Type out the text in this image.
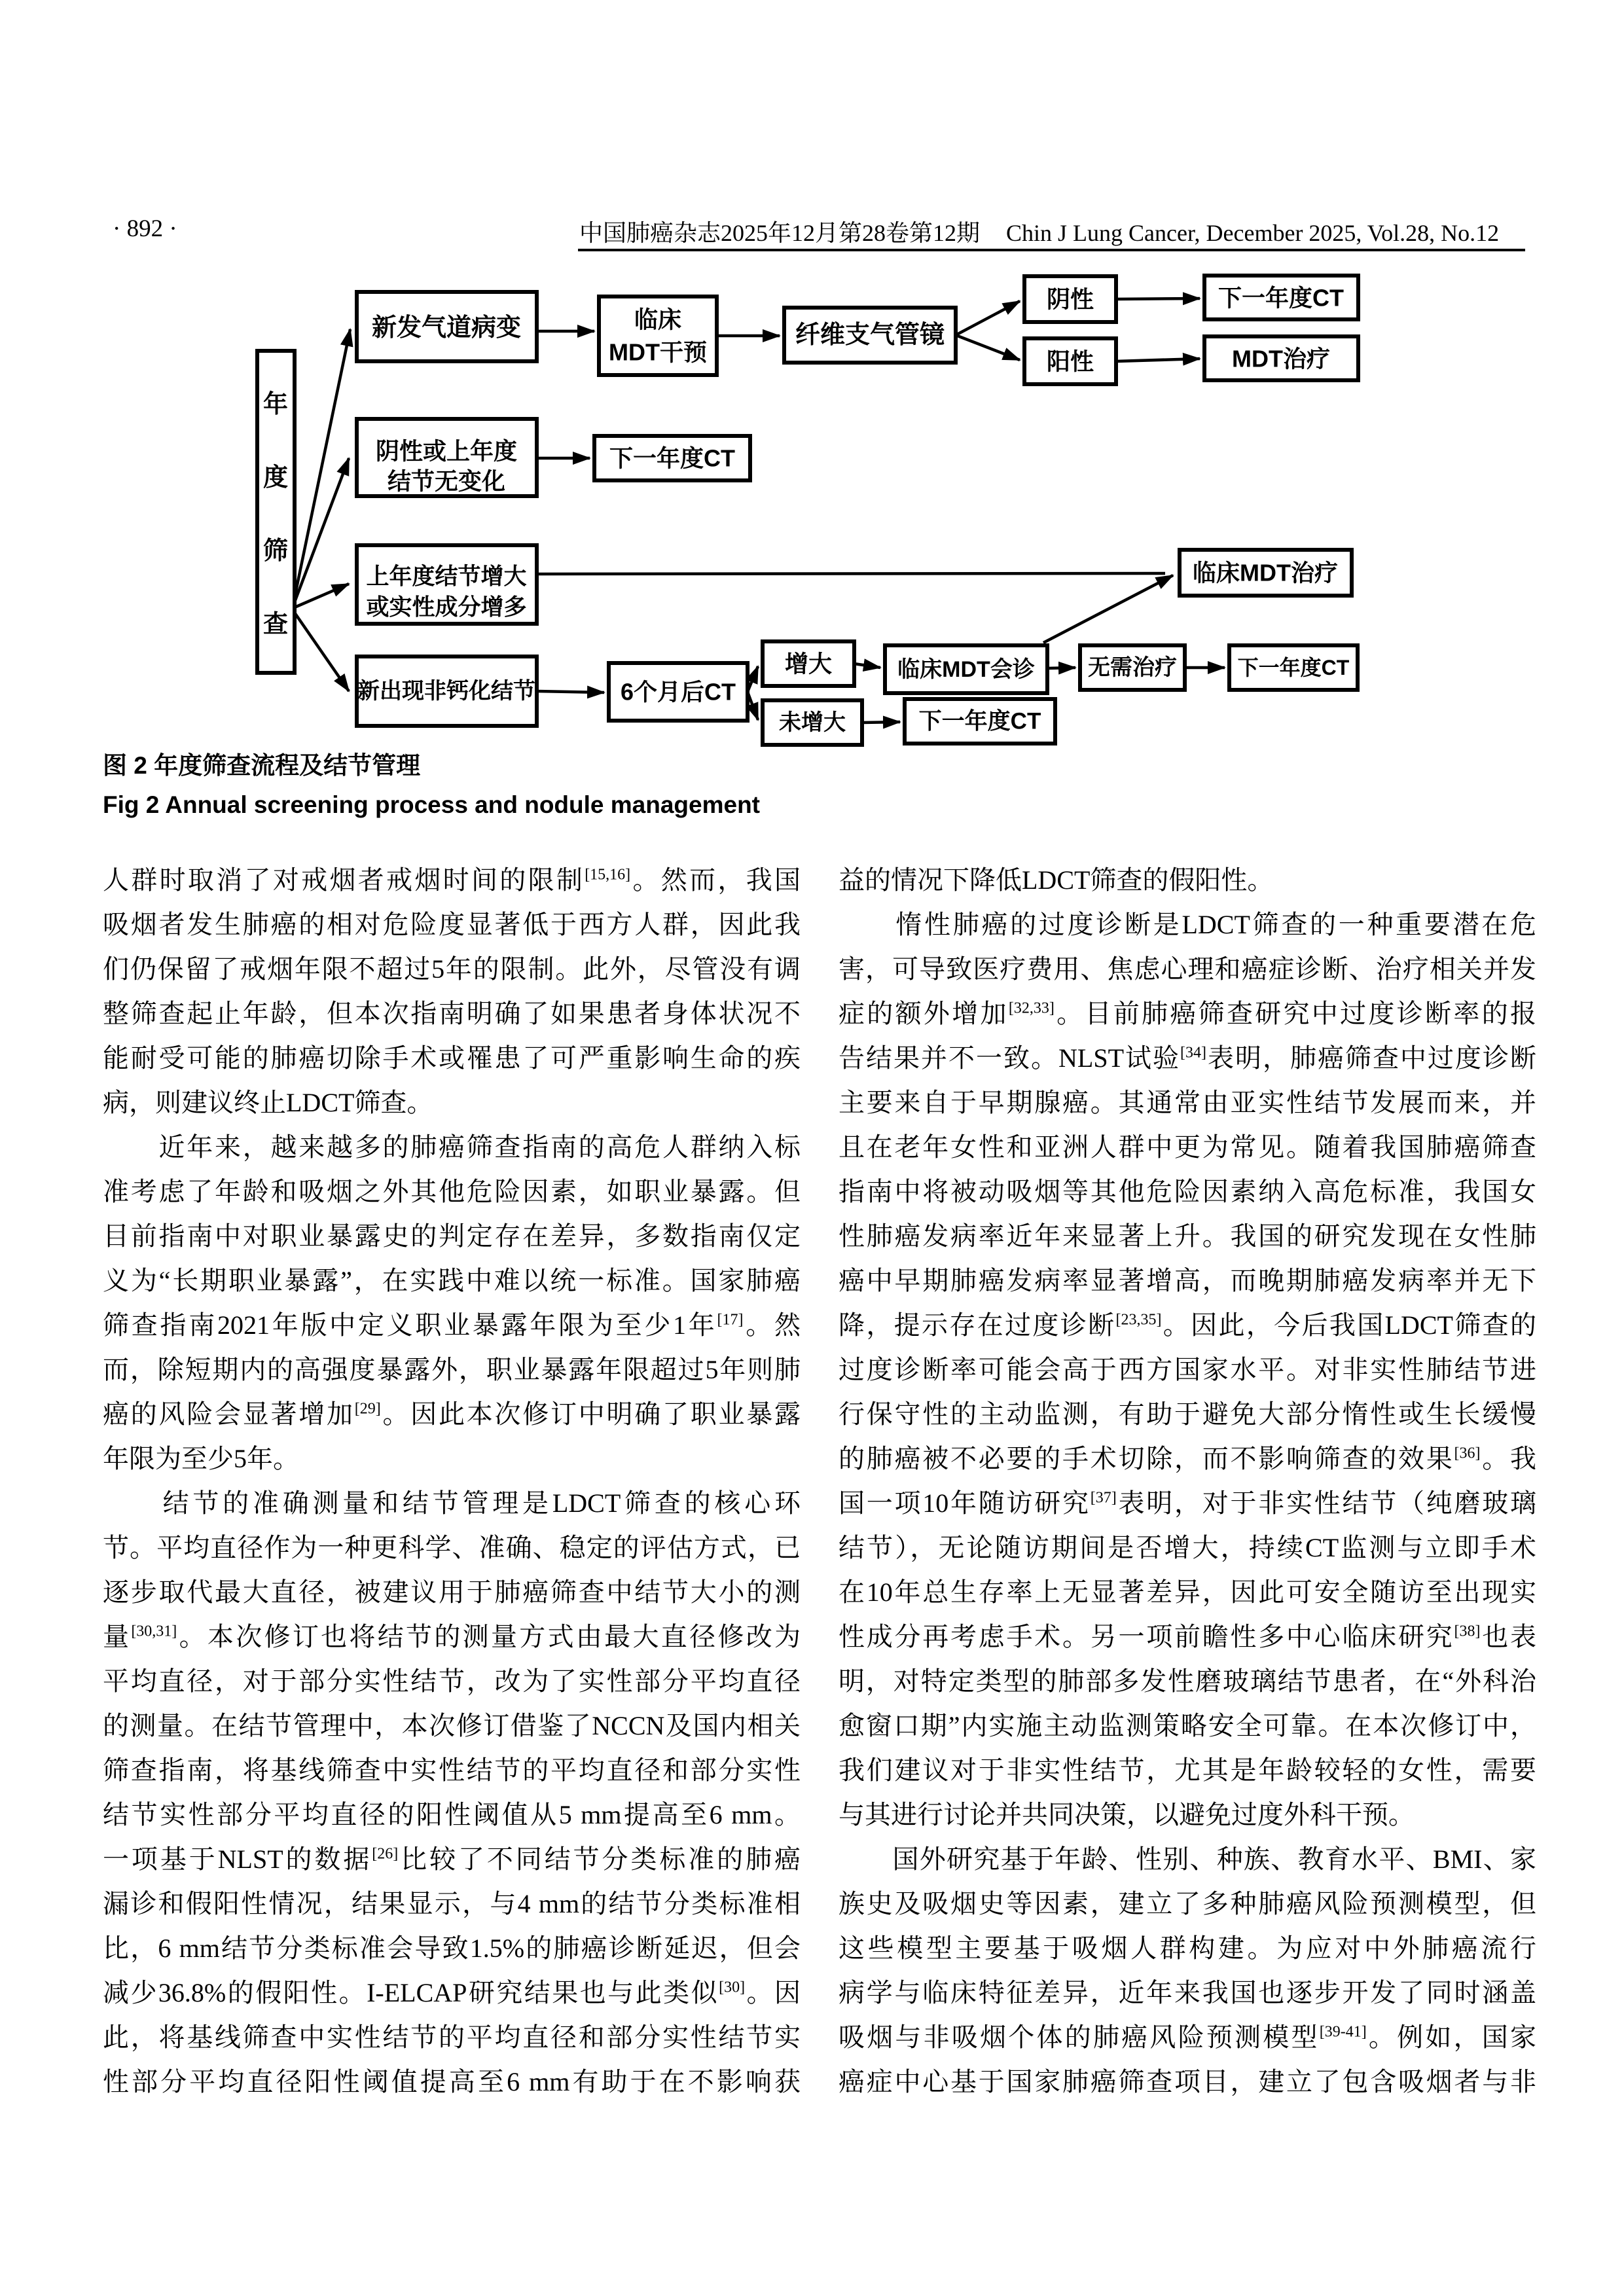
· 892 ·	中国肺癌杂志2025年12月第28卷第12期 Chin J Lung Cancer, December 2025, Vol.28, No.12
年
度
筛
查
新发气道病变	临床
MDT干预
纤维支气管镜
阴性	下一年度CT
阳性	MDT治疗
阴性或上年度
结节无变化
下一年度CT
上年度结节增大
或实性成分增多
临床MDT治疗
新出现非钙化结节	6个月后CT
增大	临床MDT会诊 无需治疗	下一年度CT
未增大	下一年度CT
图 2 年度筛查流程及结节管理
Fig 2 Annual screening process and nodule management
人群时取消了对戒烟者戒烟时间的限制[15,16]。然而，我国
吸烟者发生肺癌的相对危险度显著低于西方人群，因此我
们仍保留了戒烟年限不超过5年的限制。此外，尽管没有调
整筛查起止年龄，但本次指南明确了如果患者身体状况不
能耐受可能的肺癌切除手术或罹患了可严重影响生命的疾
病，则建议终止LDCT筛查。
　　近年来，越来越多的肺癌筛查指南的高危人群纳入标
准考虑了年龄和吸烟之外其他危险因素，如职业暴露。但
目前指南中对职业暴露史的判定存在差异，多数指南仅定
义为“长期职业暴露”，在实践中难以统一标准。国家肺癌
筛查指南2021年版中定义职业暴露年限为至少1年[17]。然
而，除短期内的高强度暴露外，职业暴露年限超过5年则肺
癌的风险会显著增加[29]。因此本次修订中明确了职业暴露
年限为至少5年。
　　结节的准确测量和结节管理是LDCT筛查的核心环
节。平均直径作为一种更科学、准确、稳定的评估方式，已
逐步取代最大直径，被建议用于肺癌筛查中结节大小的测
量[30,31]。本次修订也将结节的测量方式由最大直径修改为
平均直径，对于部分实性结节，改为了实性部分平均直径
的测量。在结节管理中，本次修订借鉴了NCCN及国内相关
筛查指南，将基线筛查中实性结节的平均直径和部分实性
结节实性部分平均直径的阳性阈值从5 mm提高至6 mm。
一项基于NLST的数据[26]比较了不同结节分类标准的肺癌
漏诊和假阳性情况，结果显示，与4 mm的结节分类标准相
比，6 mm结节分类标准会导致1.5%的肺癌诊断延迟，但会
减少36.8%的假阳性。I-ELCAP研究结果也与此类似[30]。因
此，将基线筛查中实性结节的平均直径和部分实性结节实
性部分平均直径阳性阈值提高至6 mm有助于在不影响获
益的情况下降低LDCT筛查的假阳性。
　　惰性肺癌的过度诊断是LDCT筛查的一种重要潜在危
害，可导致医疗费用、焦虑心理和癌症诊断、治疗相关并发
症的额外增加[32,33]。目前肺癌筛查研究中过度诊断率的报
告结果并不一致。NLST试验[34]表明，肺癌筛查中过度诊断
主要来自于早期腺癌。其通常由亚实性结节发展而来，并
且在老年女性和亚洲人群中更为常见。随着我国肺癌筛查
指南中将被动吸烟等其他危险因素纳入高危标准，我国女
性肺癌发病率近年来显著上升。我国的研究发现在女性肺
癌中早期肺癌发病率显著增高，而晚期肺癌发病率并无下
降，提示存在过度诊断[23,35]。因此，今后我国LDCT筛查的
过度诊断率可能会高于西方国家水平。对非实性肺结节进
行保守性的主动监测，有助于避免大部分惰性或生长缓慢
的肺癌被不必要的手术切除，而不影响筛查的效果[36]。我
国一项10年随访研究[37]表明，对于非实性结节（纯磨玻璃
结节），无论随访期间是否增大，持续CT监测与立即手术
在10年总生存率上无显著差异，因此可安全随访至出现实
性成分再考虑手术。另一项前瞻性多中心临床研究[38]也表
明，对特定类型的肺部多发性磨玻璃结节患者，在“外科治
愈窗口期”内实施主动监测策略安全可靠。在本次修订中，
我们建议对于非实性结节，尤其是年龄较轻的女性，需要
与其进行讨论并共同决策，以避免过度外科干预。
　　国外研究基于年龄、性别、种族、教育水平、BMI、家
族史及吸烟史等因素，建立了多种肺癌风险预测模型，但
这些模型主要基于吸烟人群构建。为应对中外肺癌流行
病学与临床特征差异，近年来我国也逐步开发了同时涵盖
吸烟与非吸烟个体的肺癌风险预测模型[39-41]。例如，国家
癌症中心基于国家肺癌筛查项目，建立了包含吸烟者与非
